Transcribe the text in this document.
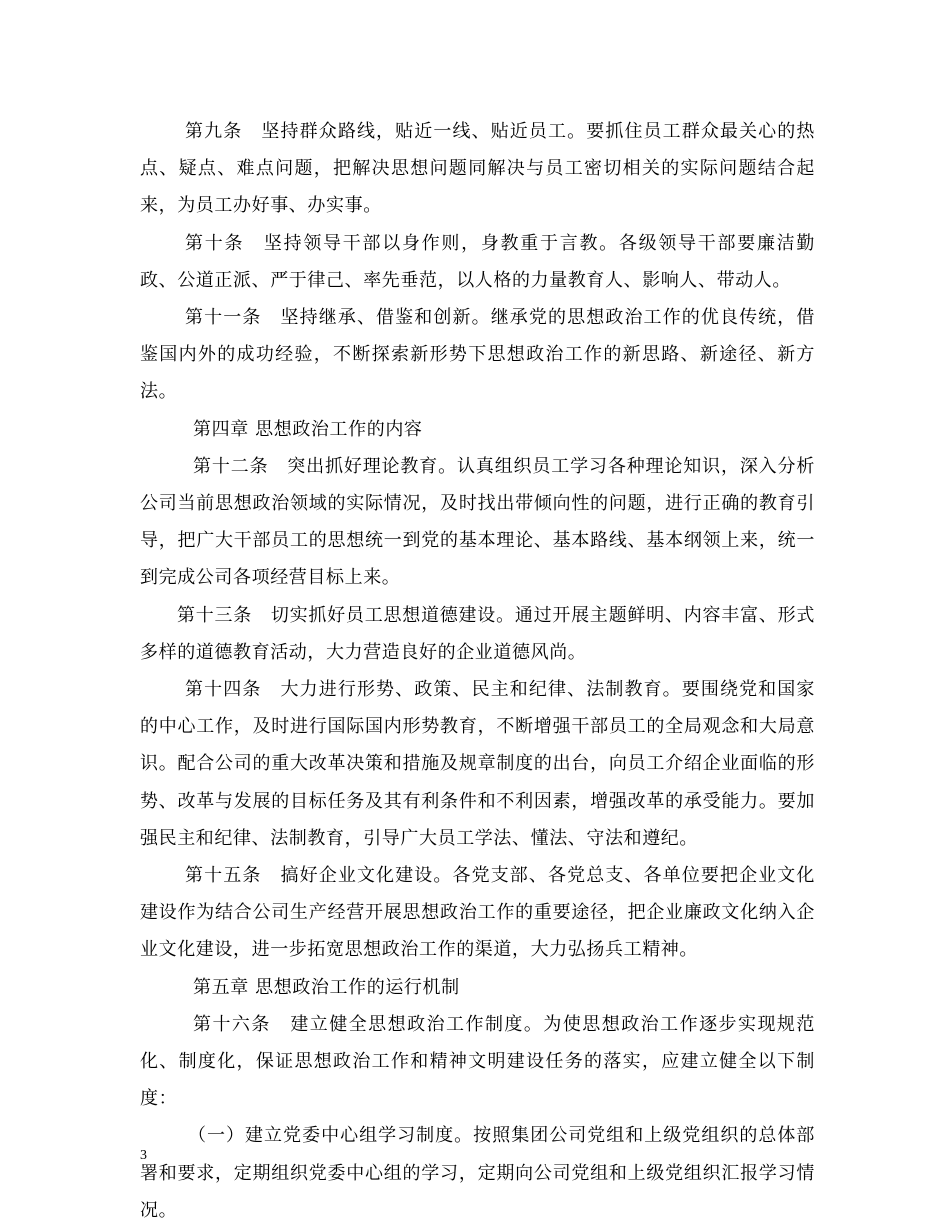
第九条　坚持群众路线，贴近一线、贴近员工。要抓住员工群众最关心的热点、疑点、难点问题，把解决思想问题同解决与员工密切相关的实际问题结合起来，为员工办好事、办实事。

第十条　坚持领导干部以身作则，身教重于言教。各级领导干部要廉洁勤政、公道正派、严于律己、率先垂范，以人格的力量教育人、影响人、带动人。

第十一条　坚持继承、借鉴和创新。继承党的思想政治工作的优良传统，借鉴国内外的成功经验，不断探索新形势下思想政治工作的新思路、新途径、新方法。

第四章 思想政治工作的内容

第十二条　突出抓好理论教育。认真组织员工学习各种理论知识，深入分析公司当前思想政治领域的实际情况，及时找出带倾向性的问题，进行正确的教育引导，把广大干部员工的思想统一到党的基本理论、基本路线、基本纲领上来，统一到完成公司各项经营目标上来。

第十三条　切实抓好员工思想道德建设。通过开展主题鲜明、内容丰富、形式多样的道德教育活动，大力营造良好的企业道德风尚。

第十四条　大力进行形势、政策、民主和纪律、法制教育。要围绕党和国家的中心工作，及时进行国际国内形势教育，不断增强干部员工的全局观念和大局意识。配合公司的重大改革决策和措施及规章制度的出台，向员工介绍企业面临的形势、改革与发展的目标任务及其有利条件和不利因素，增强改革的承受能力。要加强民主和纪律、法制教育，引导广大员工学法、懂法、守法和遵纪。

第十五条　搞好企业文化建设。各党支部、各党总支、各单位要把企业文化建设作为结合公司生产经营开展思想政治工作的重要途径，把企业廉政文化纳入企业文化建设，进一步拓宽思想政治工作的渠道，大力弘扬兵工精神。

第五章 思想政治工作的运行机制

第十六条　建立健全思想政治工作制度。为使思想政治工作逐步实现规范化、制度化，保证思想政治工作和精神文明建设任务的落实，应建立健全以下制度：

（一）建立党委中心组学习制度。按照集团公司党组和上级党组织的总体部署和要求，定期组织党委中心组的学习，定期向公司党组和上级党组织汇报学习情况。

3
